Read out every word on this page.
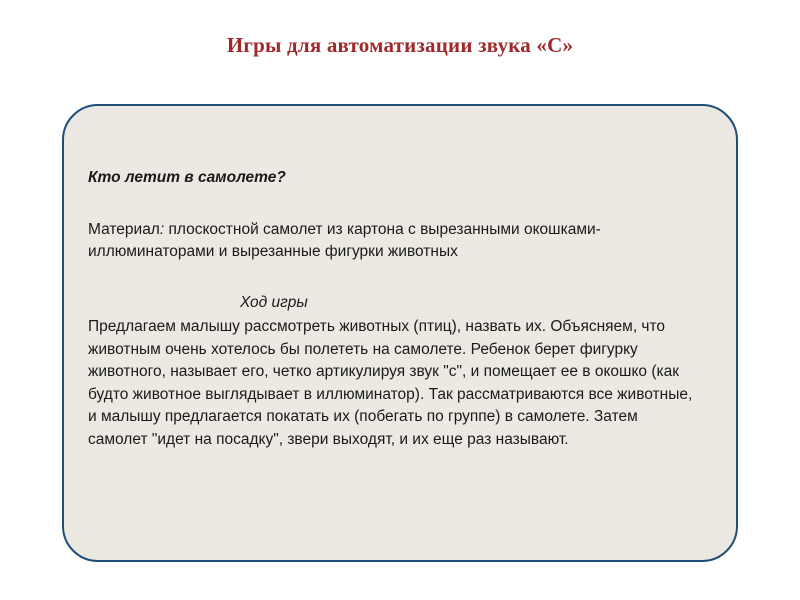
Игры для автоматизации звука «С»

Кто летит в самолете?

Материал: плоскостной самолет из картона с вырезанными окошками-иллюминаторами и вырезанные фигурки животных

Ход игры

Предлагаем малышу рассмотреть животных (птиц), назвать их. Объясняем, что животным очень хотелось бы полететь на самолете. Ребенок берет фигурку животного, называет его, четко артикулируя звук "с", и помещает ее в окошко (как будто животное выглядывает в иллюминатор). Так рассматриваются все животные, и малышу предлагается покатать их (побегать по группе) в самолете. Затем самолет "идет на посадку", звери выходят, и их еще раз называют.
